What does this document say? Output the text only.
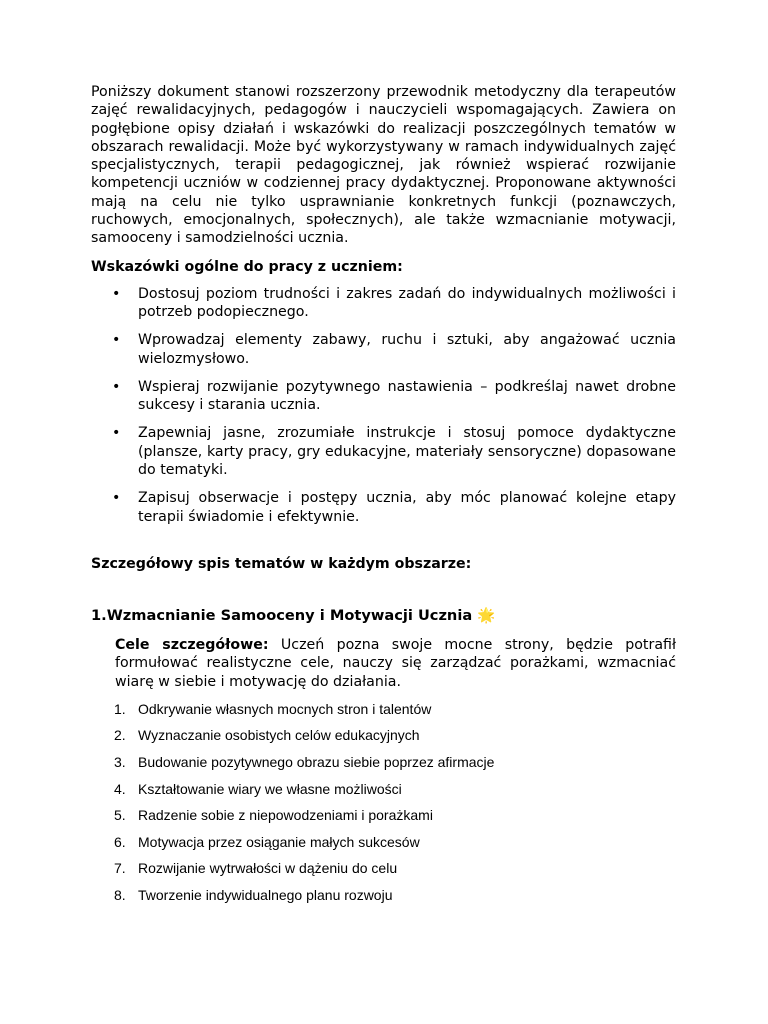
Poniższy dokument stanowi rozszerzony przewodnik metodyczny dla terapeutów zajęć rewalidacyjnych, pedagogów i nauczycieli wspomagających. Zawiera on pogłębione opisy działań i wskazówki do realizacji poszczególnych tematów w obszarach rewalidacji. Może być wykorzystywany w ramach indywidualnych zajęć specjalistycznych, terapii pedagogicznej, jak również wspierać rozwijanie kompetencji uczniów w codziennej pracy dydaktycznej. Proponowane aktywności mają na celu nie tylko usprawnianie konkretnych funkcji (poznawczych, ruchowych, emocjonalnych, społecznych), ale także wzmacnianie motywacji, samooceny i samodzielności ucznia.

Wskazówki ogólne do pracy z uczniem:
• Dostosuj poziom trudności i zakres zadań do indywidualnych możliwości i potrzeb podopiecznego.
• Wprowadzaj elementy zabawy, ruchu i sztuki, aby angażować ucznia wielozmysłowo.
• Wspieraj rozwijanie pozytywnego nastawienia – podkreślaj nawet drobne sukcesy i starania ucznia.
• Zapewniaj jasne, zrozumiałe instrukcje i stosuj pomoce dydaktyczne (plansze, karty pracy, gry edukacyjne, materiały sensoryczne) dopasowane do tematyki.
• Zapisuj obserwacje i postępy ucznia, aby móc planować kolejne etapy terapii świadomie i efektywnie.
Szczegółowy spis tematów w każdym obszarze:
1.Wzmacnianie Samooceny i Motywacji Ucznia 🌟

Cele szczegółowe: Uczeń pozna swoje mocne strony, będzie potrafił formułować realistyczne cele, nauczy się zarządzać porażkami, wzmacniać wiarę w siebie i motywację do działania.

1. Odkrywanie własnych mocnych stron i talentów
2. Wyznaczanie osobistych celów edukacyjnych
3. Budowanie pozytywnego obrazu siebie poprzez afirmacje
4. Kształtowanie wiary we własne możliwości
5. Radzenie sobie z niepowodzeniami i porażkami
6. Motywacja przez osiąganie małych sukcesów
7. Rozwijanie wytrwałości w dążeniu do celu
8. Tworzenie indywidualnego planu rozwoju
